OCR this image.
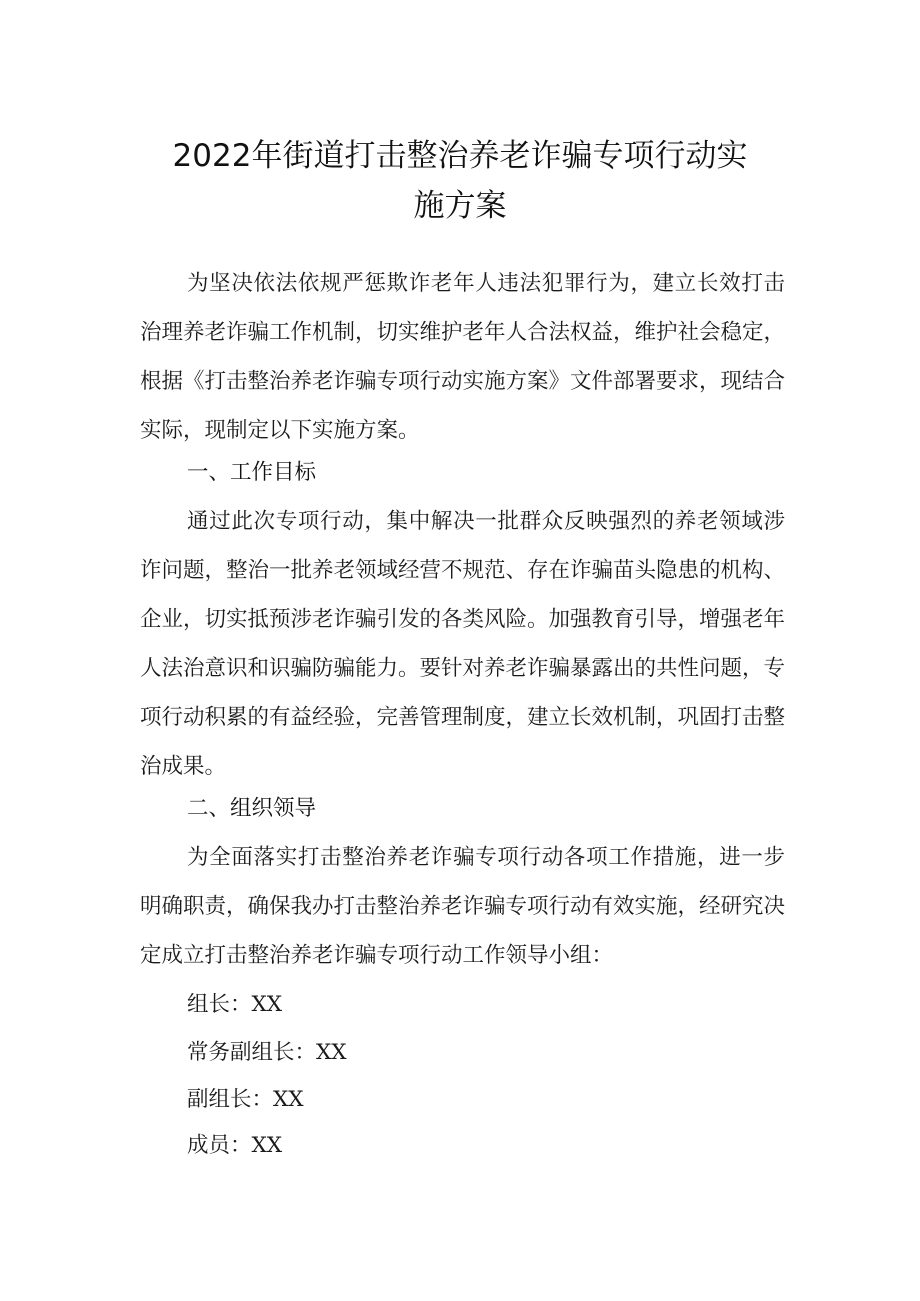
2022年街道打击整治养老诈骗专项行动实
施方案

为坚决依法依规严惩欺诈老年人违法犯罪行为，建立长效打击治理养老诈骗工作机制，切实维护老年人合法权益，维护社会稳定，根据《打击整治养老诈骗专项行动实施方案》文件部署要求，现结合实际，现制定以下实施方案。

一、工作目标

通过此次专项行动，集中解决一批群众反映强烈的养老领域涉诈问题，整治一批养老领域经营不规范、存在诈骗苗头隐患的机构、企业，切实抵预涉老诈骗引发的各类风险。加强教育引导，增强老年人法治意识和识骗防骗能力。要针对养老诈骗暴露出的共性问题，专项行动积累的有益经验，完善管理制度，建立长效机制，巩固打击整治成果。

二、组织领导

为全面落实打击整治养老诈骗专项行动各项工作措施，进一步明确职责，确保我办打击整治养老诈骗专项行动有效实施，经研究决定成立打击整治养老诈骗专项行动工作领导小组：

组长：XX

常务副组长：XX

副组长：XX

成员：XX
